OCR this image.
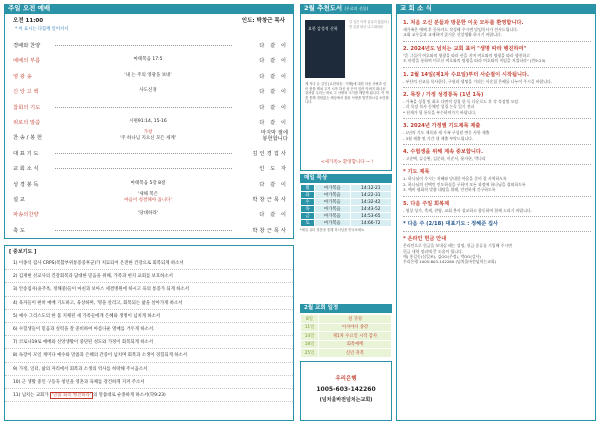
주일 오전 예배
오전 11:00	인도: 박창근 목사
* 이 표시는 다함께 일어서서
경배와 찬양	다 같 이
예배의 부름	마태복음 17:5	다 같 이
영 광 송	'내 는 주의 영광을 보네'	다 같 이
신 앙 고 백	사도신경	다 같 이
참회의 기도	다 같 이
위로의 말씀	시편91:14, 15-16	다 같 이
찬 송 / 봉 헌
가창
'주 하나님 지으신 모든 세계'
마지막 절에
봉헌합니다
대 표 기 도	김인경집사
교 회 소 식	인 도 자
성 경 봉 독	마태복음 5장 8절	다 같 이
설 교
'새해 복은
마음이 청결해야 옵니다'	박창근목사
파송의찬양	'당대하라'	다 같 이
축 도	박창근목사
[ 중보기도 ]
1) 이종석 집사 CRPS(복합부위통증증후군)가 치료되어 온전한 건강으로 회복되게 하소서
2) 김재현 선교사의 건강회복과 담대한 믿음을 위해, 가족과 현지 교회를 보호하소서
3) 안송집사(윤주옥, 정해중)들이 마친과 보아스 세결병원에 하시고 육의 통증가 되게 하소서
4) 육자들이 편히 예배 기도하고, 육상하며, '명을 살리고, 회복되는 삶을 살아가게 하소서
5) 예수 그리스도의 한 몸 지체된 새 가족들에게 은혜와 생명이 넘치게 하소서
6) 수험생들이 믿음과 실력을 잘 준비하여 아름다운 열매를 거두게 하소서.
7) 코로나19로 예배와 신앙생활이 중단된 성도와 가정이 회복되게 하소서
8) 독장이 모일 재미다 예수와 말씀과 은혜의 간증이 넘치며 회복과 소생이 경험되게 하소서
9) 가정, 일터, 삶의 자리에서 회복과 소생의 역사를 허락해 주시옵소서
10) 근 생활 중인 구동욱 청년을 영혼과 육체를 강건하게 지켜 주소서
11) 넘치는 교회가 '말씀 회복 행진하라' 의 말씀대로 순종하게 하소서(학9:23)
2월 추천도서 (무료의 선물)
요한 감성적 신학
갈 길은 아직 끝나지 않았다 / 먼 길을 떠난 나그네처럼
제 지나 온 길인 [요한복음 : 이해]에 대한 마음 사랑과 신의 충을 깨쳐 주기 시작 하신 성 은이 일어 아버지 떠나신 것처럼 우리는 바로 그 사랑의 크기를 깨닫게 됩니다. 이 책을 통해 정답없는 세상에서 참된 사랑을 발견하시길 소망합니다.
<새가족> 환영합니다 ~ !
매일 묵상
월	마가복음	14:12-21
화	마가복음	14:22-31
수	마가복음	14:32-42
목	마가복음	14:43-52
금	마가복음	14:53-65
토	마가복음	14:66-72
*매일 큐티 말씀을 통해 하나님을 만나보세요
2월 교회 일정
8일	설 귀성
11일	이사야서 종강
14일	제1차 수요일 시작 감사
18일	회복예배
25일	신년 축복
우리은행
1005-603-142260
(넘치울바전넘치는교회)
교 회 소 식
1. 처음 오신 분들과 방문한 이웃 모두를 환영합니다.
새가족은 예배 후 등록카드 작성해 주시면 담임목사가 인사드립니다.
교회 교우들과 교제하며 즐거운 신앙생활 하시기 바랍니다.
2. 2024년도 넘치는 교회 표어 "생명 따라 행진하여"
"흔 그들이 여호와의 영광을 따라 산을 지며 여호와의 명령을 따라 행진하고
도 바람을 통하여 미로신 여호와의 명령을 따라 여호와의 직임을 지켰더라" (민9:23)
1. 2월 14일(제1차 수요일)부터 사순절이 시작됩니다.
- 부산의 선교를 목사한다, 구원과 생명을 기리는 사순절 은혜를 나누어 주시길 바랍니다.
2. 목장 / 가정 성경통독 (1년 1독)
- 가족을 성경 및 최초 다면적 성경 한 독 다운로드 후 각 목장별 모임
- 각 목장 목사 동체인 성경 논독 일기 전파
* 천재가 될 통독을 부수하며가기 바랍니다.
3. 2024년 가정별 기도제목 제출
- 1년의 기도 제목과 새 가족 구성원 변동 사항 제출
- 3월 제출 및 기간 내 제출 부탁드립니다.
4. 수험생을 위해 계속 중보합니다.
- 고준택, 류승완, 김준하, 이준서, 윤자한, 박나리
* 기도 제목
1. 하나님이 주시는 지혜와 담대한 마음을 준비 잘 사역하도록
2. 하나님의 선택인 인도하심을 구하며 모든 과정에 하나님을 경외하도록
3. 예비 평화의 말씀 대답을 위해, 안전하게 간구하도록
5. 다음 주일 회복제
- 영상 성가, 축제, 찬양, 교회 봉사 설교하고 합동하여 함께 드리기 바랍니다.
* 다음 주 (2/18) 대표기도 : 정혜준 집사
* 온라인 헌금 안내
온라인으로 헌금을 보내실 때는 성명, 헌금 종류를 기입해 주시면
헌금 내역 정리에 큰 도움이 됩니다.
예) 홍길동(십일조), 김OO(주정), 박OO(감사)
우리은행 1005-603-142260 (넘치울바전넘치는교회)
